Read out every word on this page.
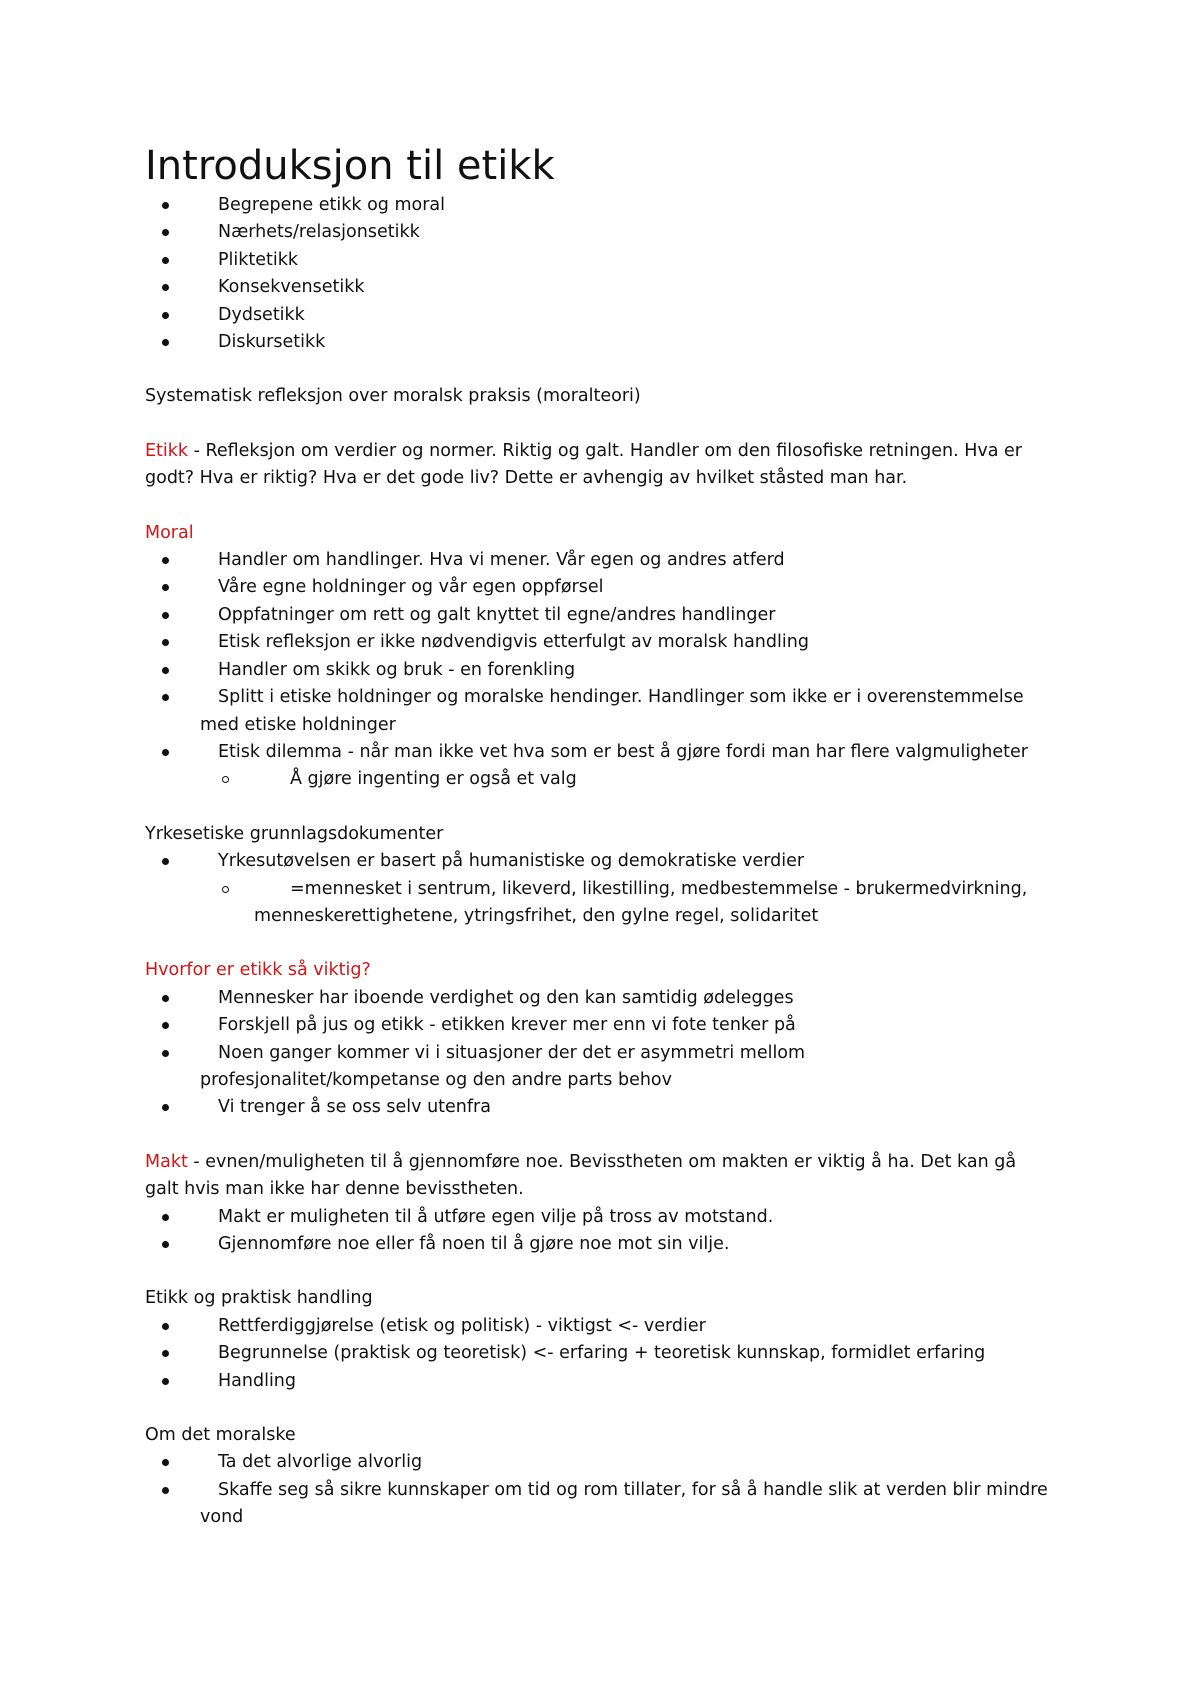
Introduksjon til etikk
Begrepene etikk og moral
Nærhets/relasjonsetikk
Pliktetikk
Konsekvensetikk
Dydsetikk
Diskursetikk

Systematisk refleksjon over moralsk praksis (moralteori)

Etikk - Refleksjon om verdier og normer. Riktig og galt. Handler om den filosofiske retningen. Hva er

godt? Hva er riktig? Hva er det gode liv? Dette er avhengig av hvilket ståsted man har.

Moral

Handler om handlinger. Hva vi mener. Vår egen og andres atferd
Våre egne holdninger og vår egen oppførsel
Oppfatninger om rett og galt knyttet til egne/andres handlinger
Etisk refleksjon er ikke nødvendigvis etterfulgt av moralsk handling
Handler om skikk og bruk - en forenkling
Splitt i etiske holdninger og moralske hendinger. Handlinger som ikke er i overenstemmelse
med etiske holdninger
Etisk dilemma - når man ikke vet hva som er best å gjøre fordi man har flere valgmuligheter
Å gjøre ingenting er også et valg

Yrkesetiske grunnlagsdokumenter

Yrkesutøvelsen er basert på humanistiske og demokratiske verdier
=mennesket i sentrum, likeverd, likestilling, medbestemmelse - brukermedvirkning,
menneskerettighetene, ytringsfrihet, den gylne regel, solidaritet

Hvorfor er etikk så viktig?

Mennesker har iboende verdighet og den kan samtidig ødelegges
Forskjell på jus og etikk - etikken krever mer enn vi fote tenker på
Noen ganger kommer vi i situasjoner der det er asymmetri mellom
profesjonalitet/kompetanse og den andre parts behov
Vi trenger å se oss selv utenfra

Makt - evnen/muligheten til å gjennomføre noe. Bevisstheten om makten er viktig å ha. Det kan gå

galt hvis man ikke har denne bevisstheten.

Makt er muligheten til å utføre egen vilje på tross av motstand.
Gjennomføre noe eller få noen til å gjøre noe mot sin vilje.

Etikk og praktisk handling

Rettferdiggjørelse (etisk og politisk) - viktigst <- verdier
Begrunnelse (praktisk og teoretisk) <- erfaring + teoretisk kunnskap, formidlet erfaring
Handling

Om det moralske

Ta det alvorlige alvorlig
Skaffe seg så sikre kunnskaper om tid og rom tillater, for så å handle slik at verden blir mindre
vond
